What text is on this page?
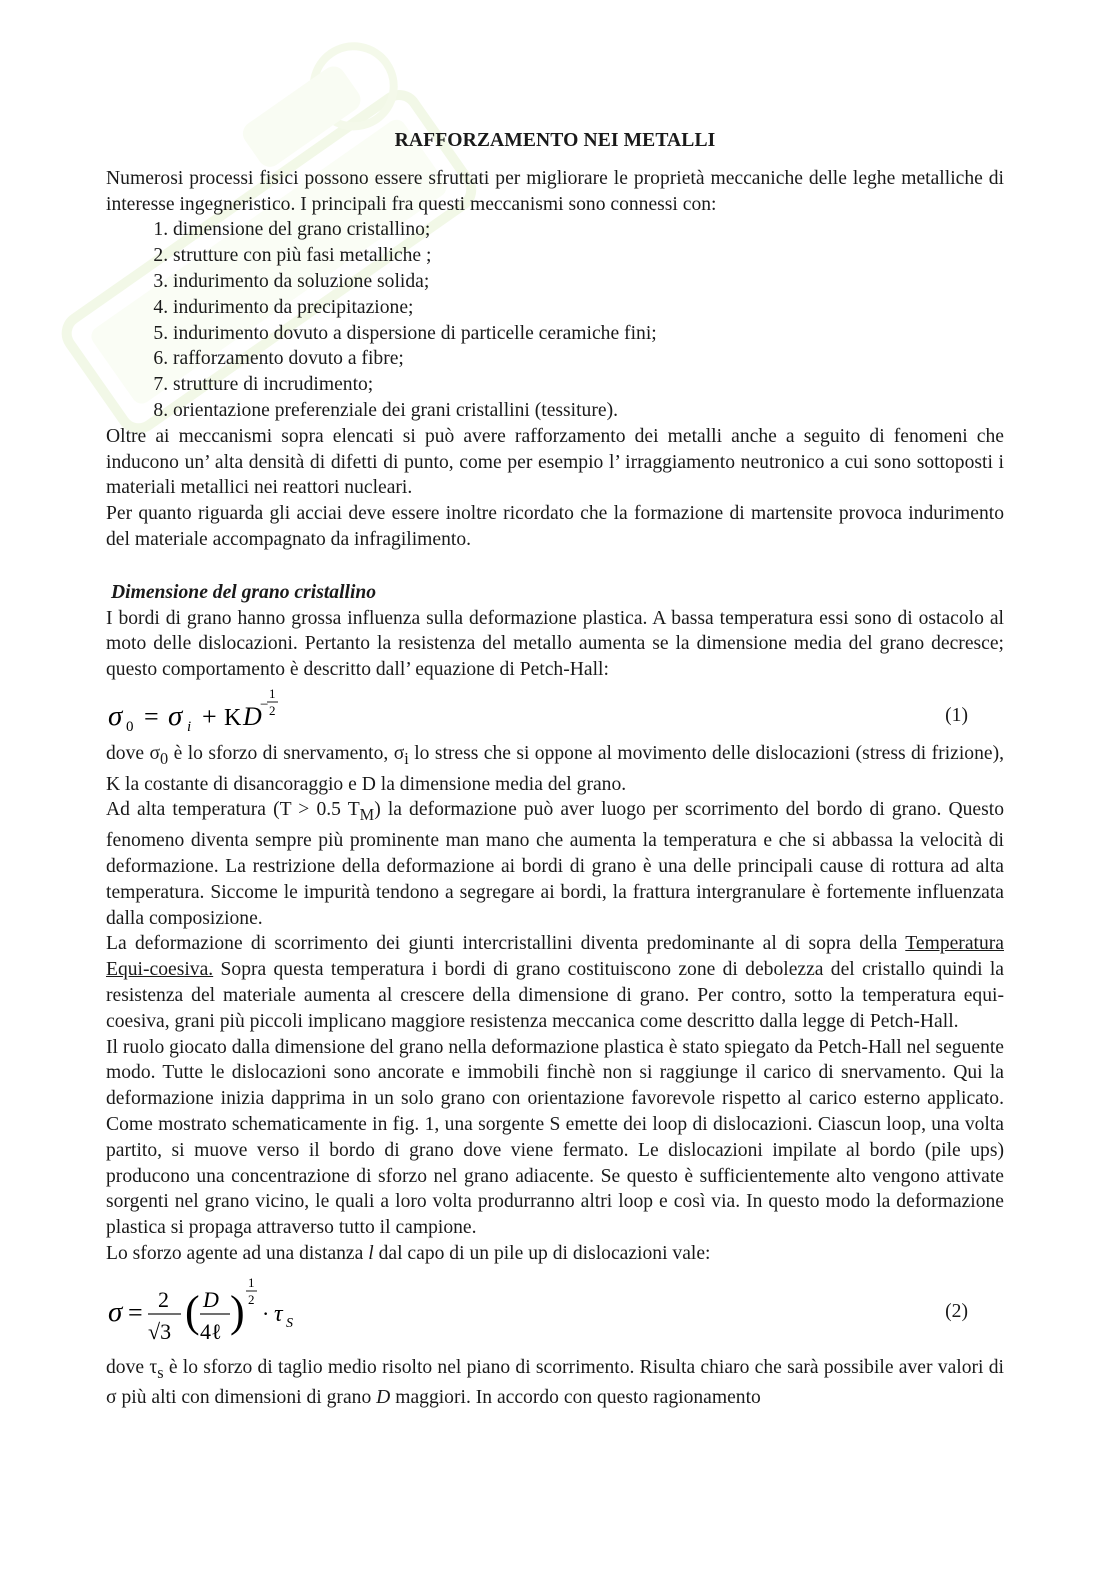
RAFFORZAMENTO NEI METALLI

Numerosi processi fisici possono essere sfruttati per migliorare le proprietà meccaniche delle leghe metalliche di interesse ingegneristico. I principali fra questi meccanismi sono connessi con:

1. dimensione del grano cristallino;
2. strutture con più fasi metalliche ;
3. indurimento da soluzione solida;
4. indurimento da precipitazione;
5. indurimento dovuto a dispersione di particelle ceramiche fini;
6. rafforzamento dovuto a fibre;
7. strutture di incrudimento;
8. orientazione preferenziale dei grani cristallini (tessiture).

Oltre ai meccanismi sopra elencati si può avere rafforzamento dei metalli anche a seguito di fenomeni che inducono un’ alta densità di difetti di punto, come per esempio l’ irraggiamento neutronico a cui sono sottoposti i materiali metallici nei reattori nucleari.

Per quanto riguarda gli acciai deve essere inoltre ricordato che la formazione di martensite provoca indurimento del materiale accompagnato da infragilimento.

Dimensione del grano cristallino

I bordi di grano hanno grossa influenza sulla deformazione plastica. A bassa temperatura essi sono di ostacolo al moto delle dislocazioni. Pertanto la resistenza del metallo aumenta se la dimensione media del grano decresce; questo comportamento è descritto dall’ equazione di Petch-Hall:

σ 0 = σ i + K D
−
1
2	(1)

dove $\sigma_0$ è lo sforzo di snervamento, $\sigma_i$ lo stress che si oppone al movimento delle dislocazioni (stress di frizione), K la costante di disancoraggio e D la dimensione media del grano.

Ad alta temperatura (T > 0.5 $T_M$) la deformazione può aver luogo per scorrimento del bordo di grano. Questo fenomeno diventa sempre più prominente man mano che aumenta la temperatura e che si abbassa la velocità di deformazione. La restrizione della deformazione ai bordi di grano è una delle principali cause di rottura ad alta temperatura. Siccome le impurità tendono a segregare ai bordi, la frattura intergranulare è fortemente influenzata dalla composizione.

La deformazione di scorrimento dei giunti intercristallini diventa predominante al di sopra della Temperatura Equi-coesiva. Sopra questa temperatura i bordi di grano costituiscono zone di debolezza del cristallo quindi la resistenza del materiale aumenta al crescere della dimensione di grano. Per contro, sotto la temperatura equi-coesiva, grani più piccoli implicano maggiore resistenza meccanica come descritto dalla legge di Petch-Hall.

Il ruolo giocato dalla dimensione del grano nella deformazione plastica è stato spiegato da Petch-Hall nel seguente modo. Tutte le dislocazioni sono ancorate e immobili finchè non si raggiunge il carico di snervamento. Qui la deformazione inizia dapprima in un solo grano con orientazione favorevole rispetto al carico esterno applicato. Come mostrato schematicamente in fig. 1, una sorgente S emette dei loop di dislocazioni. Ciascun loop, una volta partito, si muove verso il bordo di grano dove viene fermato. Le dislocazioni impilate al bordo (pile ups) producono una concentrazione di sforzo nel grano adiacente. Se questo è sufficientemente alto vengono attivate sorgenti nel grano vicino, le quali a loro volta produrranno altri loop e così via. In questo modo la deformazione plastica si propaga attraverso tutto il campione.

Lo sforzo agente ad una distanza l dal capo di un pile up di dislocazioni vale:

σ = 2
√3 ( D
4ℓ )
1
2
· τ S
(2)

dove $\tau_s$ è lo sforzo di taglio medio risolto nel piano di scorrimento. Risulta chiaro che sarà possibile aver valori di σ più alti con dimensioni di grano D maggiori. In accordo con questo ragionamento
